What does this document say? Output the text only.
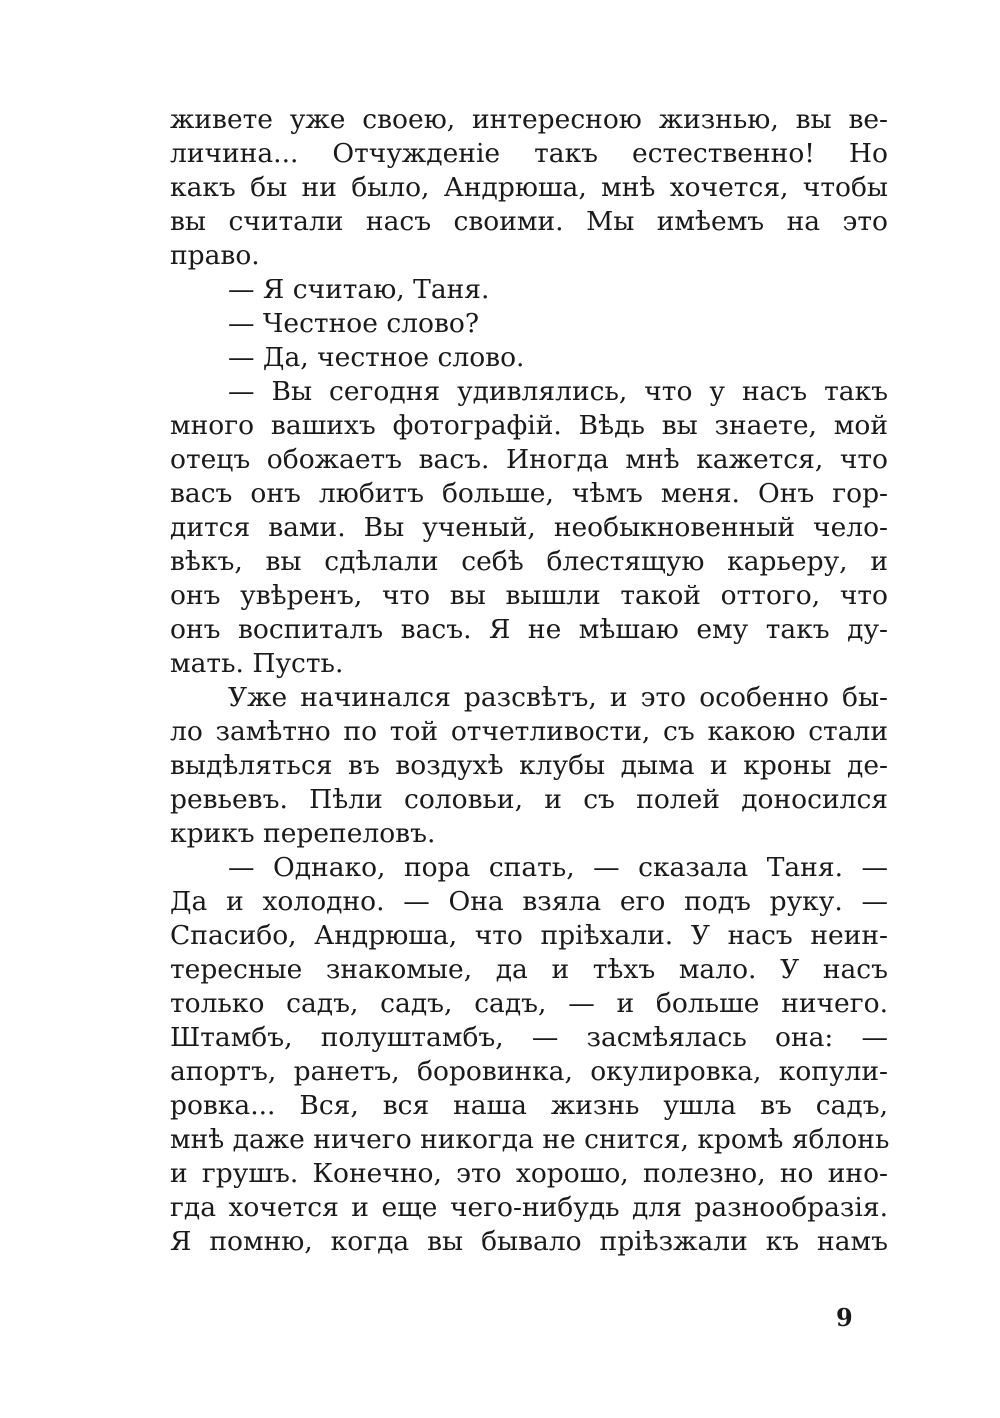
живете уже своею, интересною жизнью, вы ве-
личина... Отчужденіе такъ естественно! Но
какъ бы ни было, Андрюша, мнѣ хочется, чтобы
вы считали насъ своими. Мы имѣемъ на это
право.
— Я считаю, Таня.
— Честное слово?
— Да, честное слово.
— Вы сегодня удивлялись, что у насъ такъ
много вашихъ фотографій. Вѣдь вы знаете, мой
отецъ обожаетъ васъ. Иногда мнѣ кажется, что
васъ онъ любитъ больше, чѣмъ меня. Онъ гор-
дится вами. Вы ученый, необыкновенный чело-
вѣкъ, вы сдѣлали себѣ блестящую карьеру, и
онъ увѣренъ, что вы вышли такой оттого, что
онъ воспиталъ васъ. Я не мѣшаю ему такъ ду-
мать. Пусть.
Уже начинался разсвѣтъ, и это особенно бы-
ло замѣтно по той отчетливости, съ какою стали
выдѣляться въ воздухѣ клубы дыма и кроны де-
ревьевъ. Пѣли соловьи, и съ полей доносился
крикъ перепеловъ.
— Однако, пора спать, — сказала Таня. —
Да и холодно. — Она взяла его подъ руку. —
Спасибо, Андрюша, что пріѣхали. У насъ неин-
тересные знакомые, да и тѣхъ мало. У насъ
только садъ, садъ, садъ, — и больше ничего.
Штамбъ, полуштамбъ, — засмѣялась она: —
апортъ, ранетъ, боровинка, окулировка, копули-
ровка... Вся, вся наша жизнь ушла въ садъ,
мнѣ даже ничего никогда не снится, кромѣ яблонь
и грушъ. Конечно, это хорошо, полезно, но ино-
гда хочется и еще чего-нибудь для разнообразія.
Я помню, когда вы бывало пріѣзжали къ намъ
9
